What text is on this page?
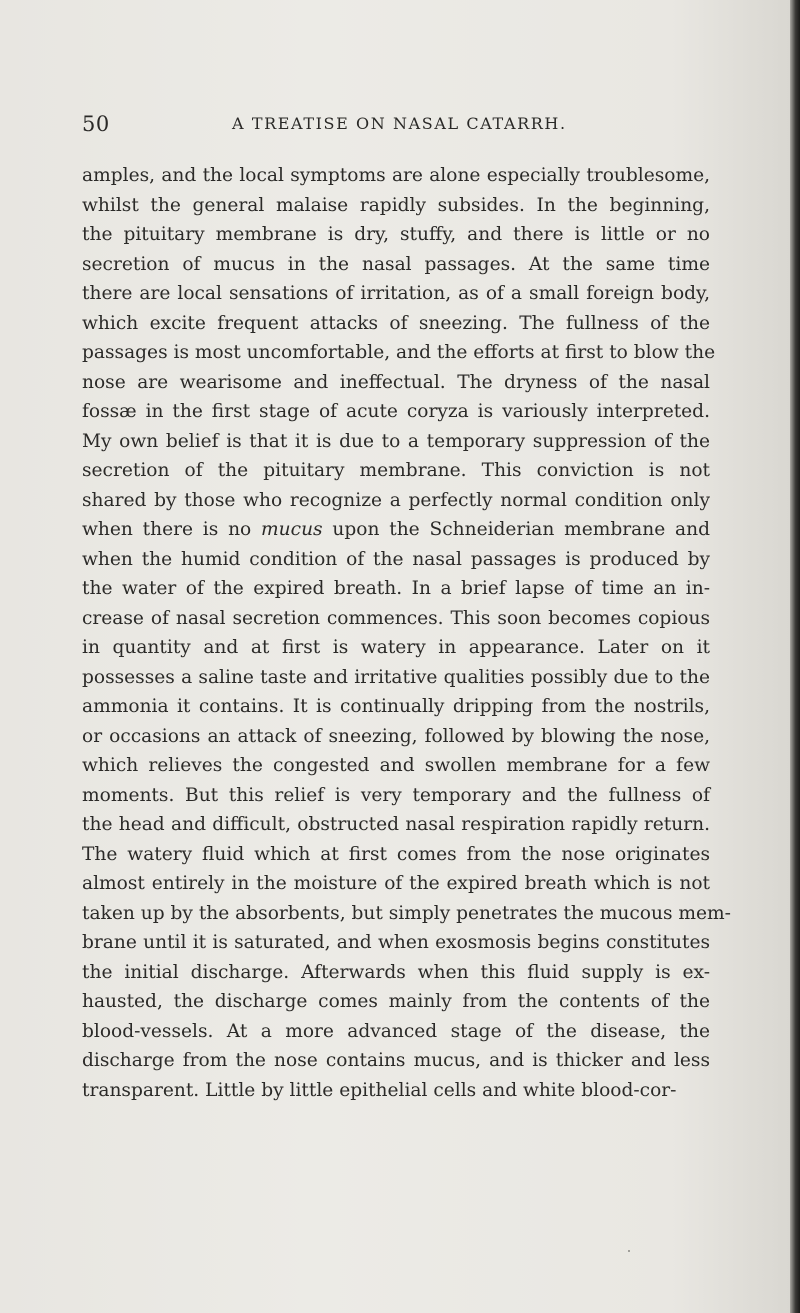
50	A TREATISE ON NASAL CATARRH.
amples, and the local symptoms are alone especially troublesome,
whilst the general malaise rapidly subsides. In the beginning,
the pituitary membrane is dry, stuffy, and there is little or no
secretion of mucus in the nasal passages. At the same time
there are local sensations of irritation, as of a small foreign body,
which excite frequent attacks of sneezing. The fullness of the
passages is most uncomfortable, and the efforts at first to blow the
nose are wearisome and ineffectual. The dryness of the nasal
fossæ in the first stage of acute coryza is variously interpreted.
My own belief is that it is due to a temporary suppression of the
secretion of the pituitary membrane. This conviction is not
shared by those who recognize a perfectly normal condition only
when there is no mucus upon the Schneiderian membrane and
when the humid condition of the nasal passages is produced by
the water of the expired breath. In a brief lapse of time an in-
crease of nasal secretion commences. This soon becomes copious
in quantity and at first is watery in appearance. Later on it
possesses a saline taste and irritative qualities possibly due to the
ammonia it contains. It is continually dripping from the nostrils,
or occasions an attack of sneezing, followed by blowing the nose,
which relieves the congested and swollen membrane for a few
moments. But this relief is very temporary and the fullness of
the head and difficult, obstructed nasal respiration rapidly return.
The watery fluid which at first comes from the nose originates
almost entirely in the moisture of the expired breath which is not
taken up by the absorbents, but simply penetrates the mucous mem-
brane until it is saturated, and when exosmosis begins constitutes
the initial discharge. Afterwards when this fluid supply is ex-
hausted, the discharge comes mainly from the contents of the
blood-vessels. At a more advanced stage of the disease, the
discharge from the nose contains mucus, and is thicker and less
transparent. Little by little epithelial cells and white blood-cor-
